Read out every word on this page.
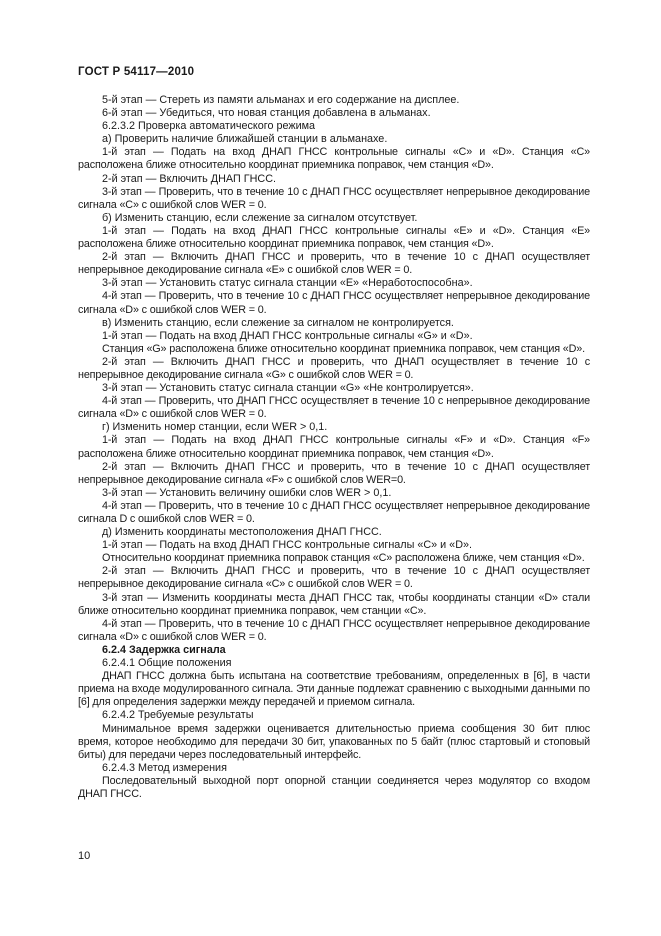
ГОСТ Р 54117—2010

5-й этап — Стереть из памяти альманах и его содержание на дисплее.

6-й этап — Убедиться, что новая станция добавлена в альманах.

6.2.3.2 Проверка автоматического режима

а) Проверить наличие ближайшей станции в альманахе.

1-й этап — Подать на вход ДНАП ГНСС контрольные сигналы «С» и «D». Станция «С» расположена ближе относительно координат приемника поправок, чем станция «D».

2-й этап — Включить ДНАП ГНСС.

3-й этап — Проверить, что в течение 10 с ДНАП ГНСС осуществляет непрерывное декодирование сигнала «С» с ошибкой слов WER = 0.

б) Изменить станцию, если слежение за сигналом отсутствует.

1-й этап — Подать на вход ДНАП ГНСС контрольные сигналы «Е» и «D». Станция «Е» расположена ближе относительно координат приемника поправок, чем станция «D».

2-й этап — Включить ДНАП ГНСС и проверить, что в течение 10 с ДНАП осуществляет непрерывное декодирование сигнала «Е» с ошибкой слов WER = 0.

3-й этап — Установить статус сигнала станции «Е» «Неработоспособна».

4-й этап — Проверить, что в течение 10 с ДНАП ГНСС осуществляет непрерывное декодирование сигнала «D» с ошибкой слов WER = 0.

в) Изменить станцию, если слежение за сигналом не контролируется.

1-й этап — Подать на вход ДНАП ГНСС контрольные сигналы «G» и «D».

Станция «G» расположена ближе относительно координат приемника поправок, чем станция «D».

2-й этап — Включить ДНАП ГНСС и проверить, что ДНАП осуществляет в течение 10 с непрерывное декодирование сигнала «G» с ошибкой слов WER = 0.

3-й этап — Установить статус сигнала станции «G» «Не контролируется».

4-й этап — Проверить, что ДНАП ГНСС осуществляет в течение 10 с непрерывное декодирование сигнала «D» с ошибкой слов WER = 0.

г) Изменить номер станции, если WER > 0,1.

1-й этап — Подать на вход ДНАП ГНСС контрольные сигналы «F» и «D». Станция «F» расположена ближе относительно координат приемника поправок, чем станция «D».

2-й этап — Включить ДНАП ГНСС и проверить, что в течение 10 с ДНАП осуществляет непрерывное декодирование сигнала «F» с ошибкой слов WER=0.

3-й этап — Установить величину ошибки слов WER > 0,1.

4-й этап — Проверить, что в течение 10 с ДНАП ГНСС осуществляет непрерывное декодирование сигнала D с ошибкой слов WER = 0.

д) Изменить координаты местоположения ДНАП ГНСС.

1-й этап — Подать на вход ДНАП ГНСС контрольные сигналы «С» и «D».

Относительно координат приемника поправок станция «С» расположена ближе, чем станция «D».

2-й этап — Включить ДНАП ГНСС и проверить, что в течение 10 с ДНАП осуществляет непрерывное декодирование сигнала «С» с ошибкой слов WER = 0.

3-й этап — Изменить координаты места ДНАП ГНСС так, чтобы координаты станции «D» стали ближе относительно координат приемника поправок, чем станции «С».

4-й этап — Проверить, что в течение 10 с ДНАП ГНСС осуществляет непрерывное декодирование сигнала «D» с ошибкой слов WER = 0.

6.2.4 Задержка сигнала

6.2.4.1 Общие положения

ДНАП ГНСС должна быть испытана на соответствие требованиям, определенных в [6], в части приема на входе модулированного сигнала. Эти данные подлежат сравнению с выходными данными по [6] для определения задержки между передачей и приемом сигнала.

6.2.4.2 Требуемые результаты

Минимальное время задержки оценивается длительностью приема сообщения 30 бит плюс время, которое необходимо для передачи 30 бит, упакованных по 5 байт (плюс стартовый и стоповый биты) для передачи через последовательный интерфейс.

6.2.4.3 Метод измерения

Последовательный выходной порт опорной станции соединяется через модулятор со входом ДНАП ГНСС.

10
